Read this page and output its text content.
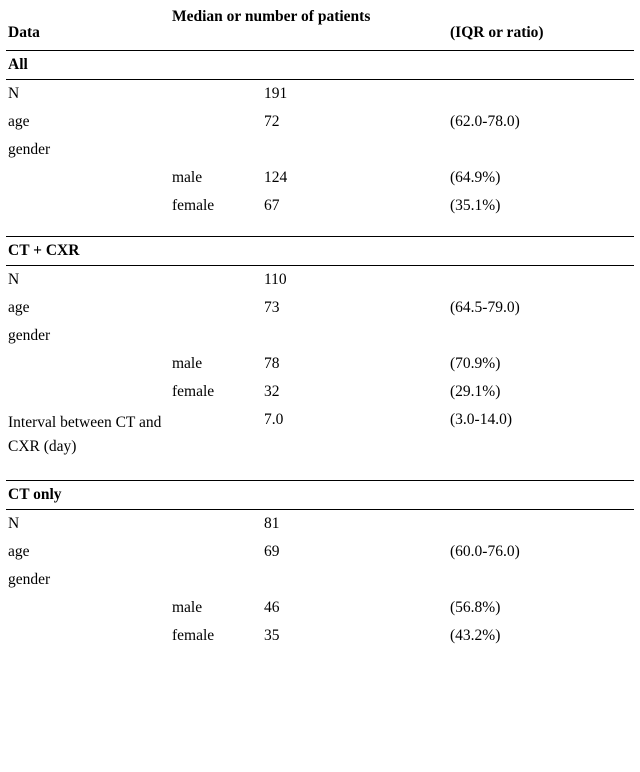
Data	Median or number of patients		(IQR or ratio)
All			
N		191	
age		72	(62.0-78.0)
gender			
	male	124	(64.9%)
	female	67	(35.1%)

CT + CXR			
N		110	
age		73	(64.5-79.0)
gender			
	male	78	(70.9%)
	female	32	(29.1%)
Interval between CT and CXR (day)		7.0	(3.0-14.0)

CT only			
N		81	
age		69	(60.0-76.0)
gender			
	male	46	(56.8%)
	female	35	(43.2%)
